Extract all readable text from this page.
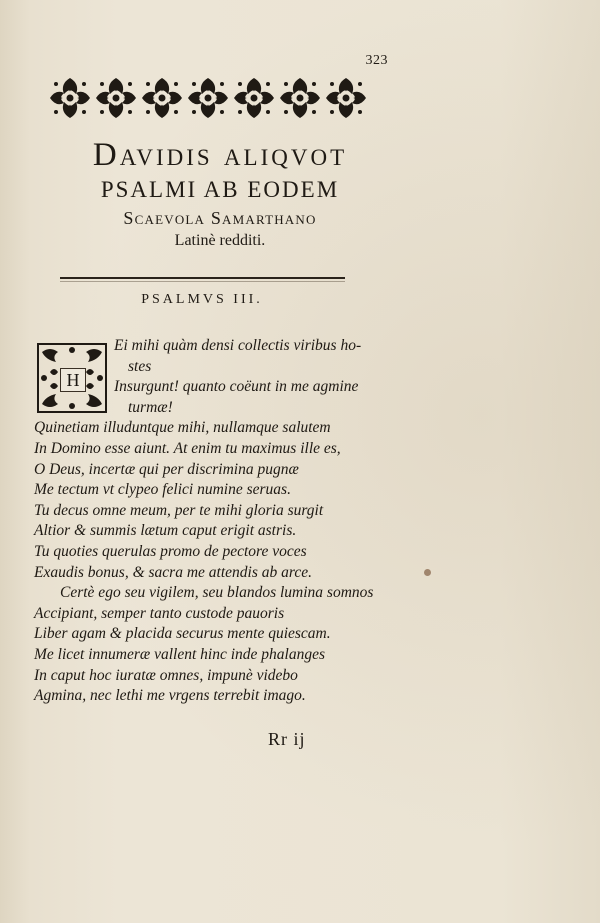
323
Davidis aliqvot
PSALMI AB EODEM
Scaevola Samarthano
Latinè redditi.
PSALMVS III.
H
Ei mihi quàm densi collectis viribus ho-
stes
Insurgunt! quanto coëunt in me agmine
turmæ!
Quinetiam illuduntque mihi, nullamque salutem
In Domino esse aiunt. At enim tu maximus ille es,
O Deus, incertæ qui per discrimina pugnæ
Me tectum vt clypeo felici numine seruas.
Tu decus omne meum, per te mihi gloria surgit
Altior & summis lætum caput erigit astris.
Tu quoties querulas promo de pectore voces
Exaudis bonus, & sacra me attendis ab arce.
Certè ego seu vigilem, seu blandos lumina somnos
Accipiant, semper tanto custode pauoris
Liber agam & placida securus mente quiescam.
Me licet innumeræ vallent hinc inde phalanges
In caput hoc iuratæ omnes, impunè videbo
Agmina, nec lethi me vrgens terrebit imago.
Rr ij
